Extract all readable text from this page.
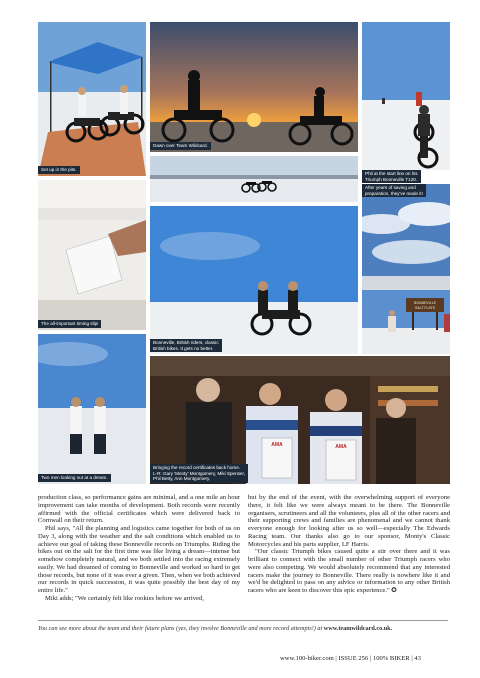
Set up in the pits.
Dawn over Team Wildcard.
Phil at the start line on his
Triumph Bonneville T120.
After years of saving and
preparation, they've made it!
The all-important timing slip!
Bonneville, British riders, classic
British bikes. It gets no better.
BONNEVILLE
SALT FLATS
Two men looking out at a dream.
AMA	AMA
Bringing the record certificates back home.
L-R: Gary 'Monty' Montgomery, Miki Spenser,
Phil Betty, Ann Montgomery.

production class, so performance gains are minimal, and a one mile an hour improvement can take months of development. Both records were recently affirmed with the official certificates which were delivered back to Cornwall on their return.

Phil says, "All the planning and logistics came together for both of us on Day 3, along with the weather and the salt conditions which enabled us to achieve our goal of taking these Bonneville records on Triumphs. Riding the bikes out on the salt for the first time was like living a dream—intense but somehow completely natural, and we both settled into the racing extremely easily. We had dreamed of coming to Bonneville and worked so hard to get those records, but none of it was ever a given. Then, when we both achieved our records in quick succession, it was quite possibly the best day of my entire life."

Miki adds; "We certainly felt like rookies before we arrived,

but by the end of the event, with the overwhelming support of everyone there, it felt like we were always meant to be there. The Bonneville organisers, scrutineers and all the volunteers, plus all of the other racers and their supporting crews and families are phenomenal and we cannot thank everyone enough for looking after us so well—especially The Edwards Racing team. Our thanks also go to our sponsor, Monty's Classic Motorcycles and his parts supplier, LF Harris.

"Our classic Triumph bikes caused quite a stir over there and it was brilliant to connect with the small number of other Triumph racers who were also competing. We would absolutely recommend that any interested racers make the journey to Bonneville. There really is nowhere like it and we'd be delighted to pass on any advice or information to any other British racers who are keen to discover this epic experience." ✪

You can see more about the team and their future plans (yes, they involve Bonneville and more record attempts!) at www.teamwildcard.co.uk.
www.100-biker.com | ISSUE 256 | 100% BIKER | 43
